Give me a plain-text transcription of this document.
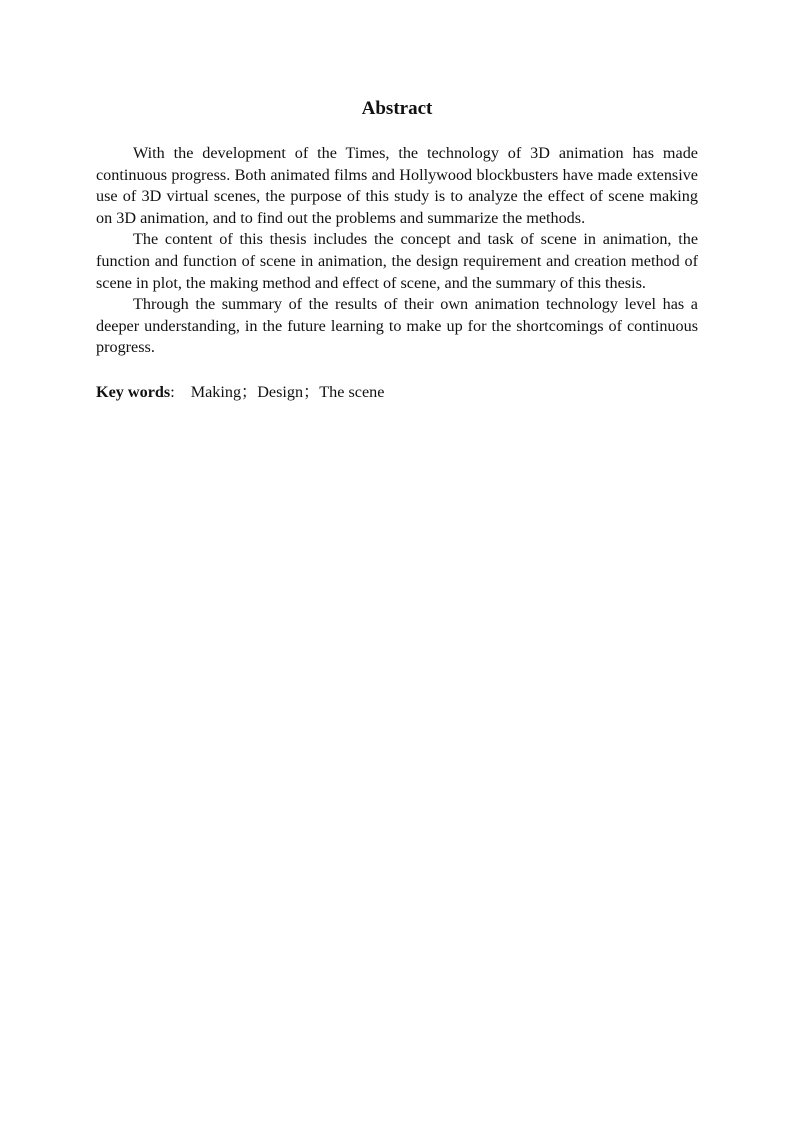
Abstract

With the development of the Times, the technology of 3D animation has made continuous progress. Both animated films and Hollywood blockbusters have made extensive use of 3D virtual scenes, the purpose of this study is to analyze the effect of scene making on 3D animation, and to find out the problems and summarize the methods.

The content of this thesis includes the concept and task of scene in animation, the function and function of scene in animation, the design requirement and creation method of scene in plot, the making method and effect of scene, and the summary of this thesis.

Through the summary of the results of their own animation technology level has a deeper understanding, in the future learning to make up for the shortcomings of continuous progress.

Key words: Making；Design；The scene
